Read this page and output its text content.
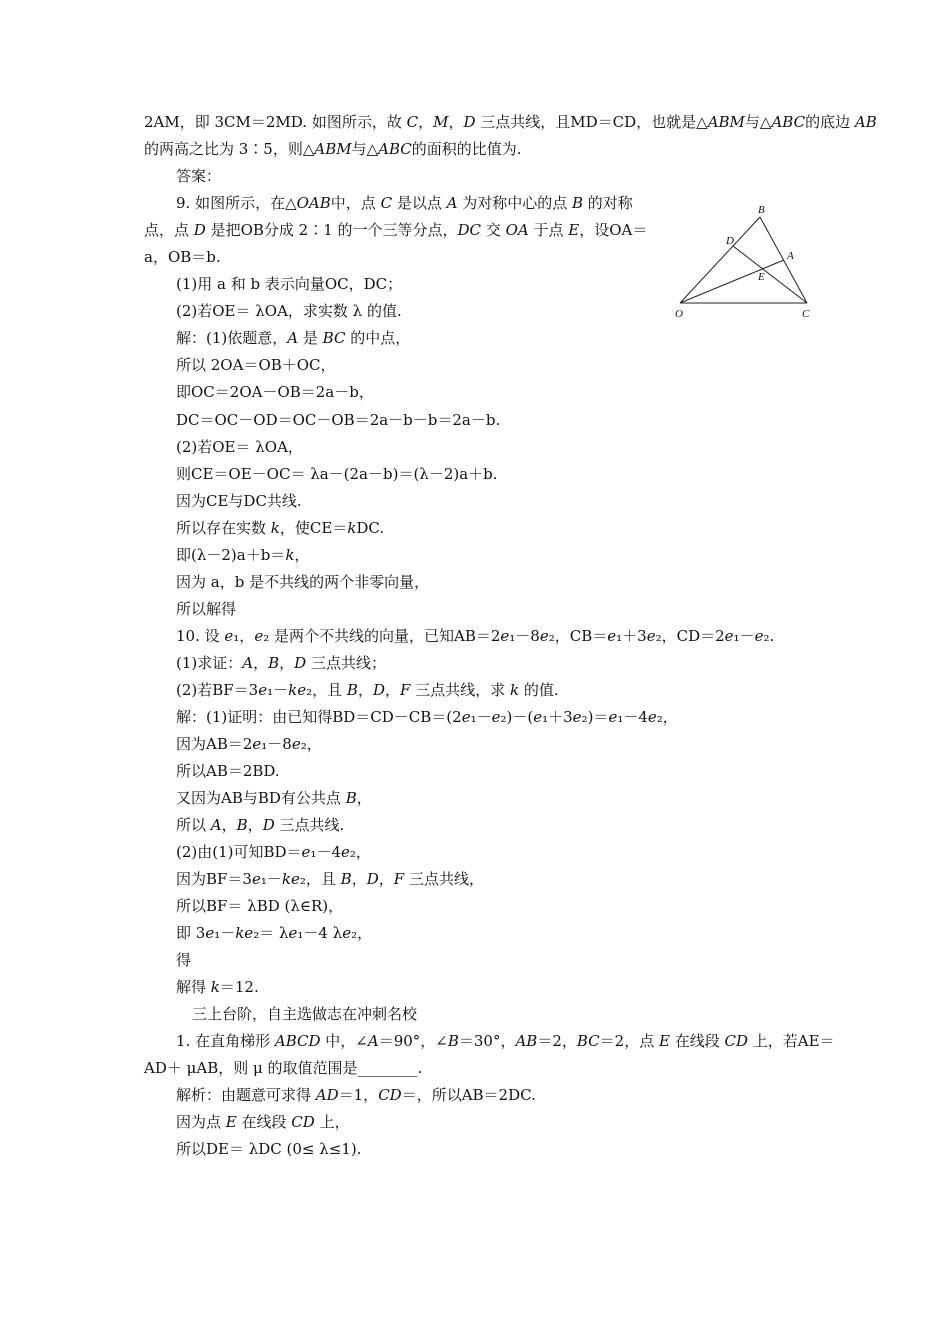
2AM，即 3CM＝2MD. 如图所示，故 C，M，D 三点共线，且MD＝CD，也就是△ABM与△ABC的底边 AB
的两高之比为 3∶5，则△ABM与△ABC的面积的比值为.
答案：
9. 如图所示，在△OAB中，点 C 是以点 A 为对称中心的点 B 的对称
点，点 D 是把OB分成 2∶1 的一个三等分点，DC 交 OA 于点 E，设OA＝
a，OB＝b.
(1)用 a 和 b 表示向量OC，DC；
(2)若OE＝ λOA，求实数 λ 的值.
解：(1)依题意，A 是 BC 的中点，
所以 2OA＝OB＋OC，
即OC＝2OA－OB＝2a－b，
DC＝OC－OD＝OC－OB＝2a－b－b＝2a－b.
(2)若OE＝ λOA，
则CE＝OE－OC＝ λa－(2a－b)＝(λ－2)a＋b.
因为CE与DC共线.
所以存在实数 k，使CE＝kDC.
即(λ－2)a＋b＝k，
因为 a，b 是不共线的两个非零向量，
所以解得
10. 设 e₁，e₂ 是两个不共线的向量，已知AB＝2e₁－8e₂，CB＝e₁＋3e₂，CD＝2e₁－e₂.
(1)求证：A，B，D 三点共线；
(2)若BF＝3e₁－ke₂，且 B，D，F 三点共线，求 k 的值.
解：(1)证明：由已知得BD＝CD－CB＝(2e₁－e₂)－(e₁＋3e₂)＝e₁－4e₂，
因为AB＝2e₁－8e₂，
所以AB＝2BD.
又因为AB与BD有公共点 B，
所以 A，B，D 三点共线.
(2)由(1)可知BD＝e₁－4e₂，
因为BF＝3e₁－ke₂，且 B，D，F 三点共线，
所以BF＝ λBD (λ∈R)，
即 3e₁－ke₂＝ λe₁－4 λe₂，
得
解得 k＝12.
三上台阶，自主选做志在冲刺名校
1. 在直角梯形 ABCD 中，∠A＝90°，∠B＝30°，AB＝2，BC＝2，点 E 在线段 CD 上，若AE＝
AD＋ μAB，则 μ 的取值范围是________.
解析：由题意可求得 AD＝1，CD＝，所以AB＝2DC.
因为点 E 在线段 CD 上，
所以DE＝ λDC (0≤ λ≤1).
B
D
A
E
O	C
